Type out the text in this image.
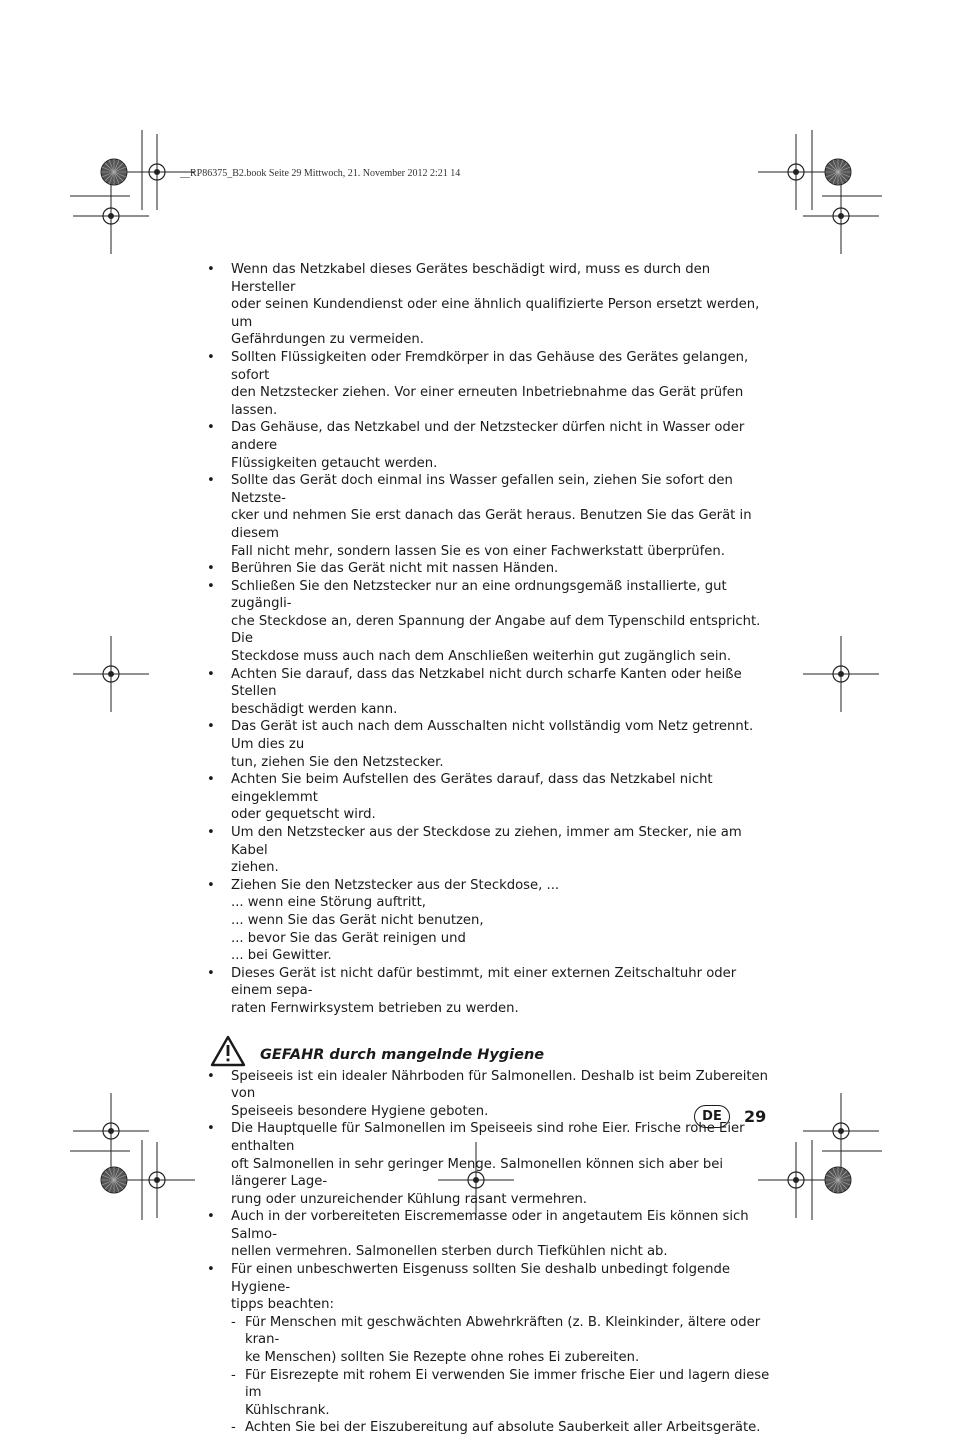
__RP86375_B2.book Seite 29 Mittwoch, 21. November 2012 2:21 14
• Wenn das Netzkabel dieses Gerätes beschädigt wird, muss es durch den Hersteller
oder seinen Kundendienst oder eine ähnlich qualifizierte Person ersetzt werden, um
Gefährdungen zu vermeiden.
• Sollten Flüssigkeiten oder Fremdkörper in das Gehäuse des Gerätes gelangen, sofort
den Netzstecker ziehen. Vor einer erneuten Inbetriebnahme das Gerät prüfen lassen.
• Das Gehäuse, das Netzkabel und der Netzstecker dürfen nicht in Wasser oder andere
Flüssigkeiten getaucht werden.
• Sollte das Gerät doch einmal ins Wasser gefallen sein, ziehen Sie sofort den Netzste-
cker und nehmen Sie erst danach das Gerät heraus. Benutzen Sie das Gerät in diesem
Fall nicht mehr, sondern lassen Sie es von einer Fachwerkstatt überprüfen.
• Berühren Sie das Gerät nicht mit nassen Händen.
• Schließen Sie den Netzstecker nur an eine ordnungsgemäß installierte, gut zugängli-
che Steckdose an, deren Spannung der Angabe auf dem Typenschild entspricht. Die
Steckdose muss auch nach dem Anschließen weiterhin gut zugänglich sein.
• Achten Sie darauf, dass das Netzkabel nicht durch scharfe Kanten oder heiße Stellen
beschädigt werden kann.
• Das Gerät ist auch nach dem Ausschalten nicht vollständig vom Netz getrennt. Um dies zu
tun, ziehen Sie den Netzstecker.
• Achten Sie beim Aufstellen des Gerätes darauf, dass das Netzkabel nicht eingeklemmt
oder gequetscht wird.
• Um den Netzstecker aus der Steckdose zu ziehen, immer am Stecker, nie am Kabel
ziehen.
• Ziehen Sie den Netzstecker aus der Steckdose, ...
... wenn eine Störung auftritt,
... wenn Sie das Gerät nicht benutzen,
... bevor Sie das Gerät reinigen und
... bei Gewitter.
• Dieses Gerät ist nicht dafür bestimmt, mit einer externen Zeitschaltuhr oder einem sepa-
raten Fernwirksystem betrieben zu werden.
GEFAHR durch mangelnde Hygiene
• Speiseeis ist ein idealer Nährboden für Salmonellen. Deshalb ist beim Zubereiten von
Speiseeis besondere Hygiene geboten.
• Die Hauptquelle für Salmonellen im Speiseeis sind rohe Eier. Frische rohe Eier enthalten
oft Salmonellen in sehr geringer Menge. Salmonellen können sich aber bei längerer Lage-
rung oder unzureichender Kühlung rasant vermehren.
• Auch in der vorbereiteten Eiscrememasse oder in angetautem Eis können sich Salmo-
nellen vermehren. Salmonellen sterben durch Tiefkühlen nicht ab.
• Für einen unbeschwerten Eisgenuss sollten Sie deshalb unbedingt folgende Hygiene-
tipps beachten:
- Für Menschen mit geschwächten Abwehrkräften (z. B. Kleinkinder, ältere oder kran-
ke Menschen) sollten Sie Rezepte ohne rohes Ei zubereiten.
- Für Eisrezepte mit rohem Ei verwenden Sie immer frische Eier und lagern diese im
Kühlschrank.
- Achten Sie bei der Eiszubereitung auf absolute Sauberkeit aller Arbeitsgeräte.
DE	29
